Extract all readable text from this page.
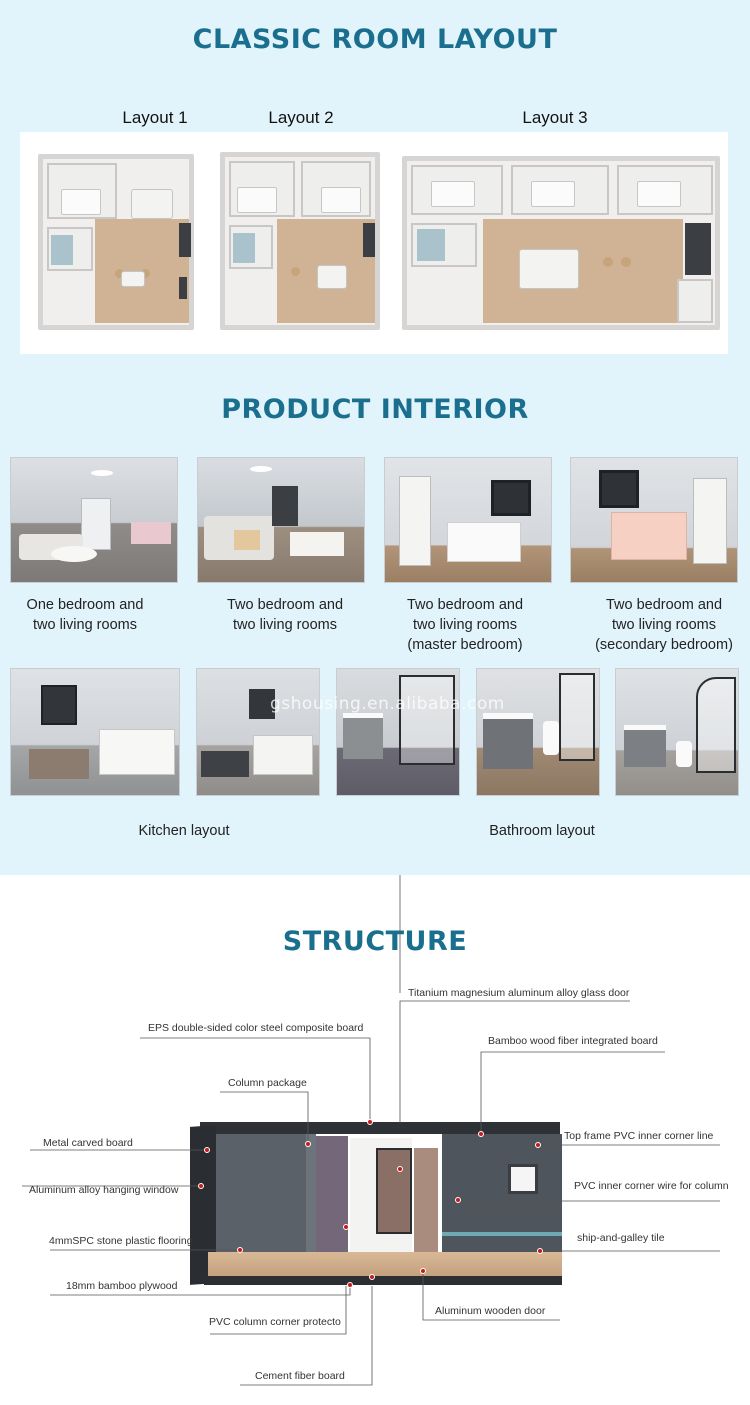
CLASSIC ROOM LAYOUT
Layout 1	Layout 2	Layout 3
PRODUCT INTERIOR
One bedroom and
two living rooms
Two bedroom and
two living rooms
Two bedroom and
two living rooms
(master bedroom)
Two bedroom and
two living rooms
(secondary bedroom)
gshousing.en.alibaba.com
Kitchen layout	Bathroom layout
STRUCTURE
Titanium magnesium aluminum alloy glass door
EPS double-sided color steel composite board
Bamboo wood fiber integrated board
Column package
Metal carved board
Top frame PVC inner corner line
Aluminum alloy hanging window	PVC inner corner wire for column
4mmSPC stone plastic flooring	ship-and-galley tile
18mm bamboo plywood
Aluminum wooden door
PVC column corner protecto
Cement fiber board
